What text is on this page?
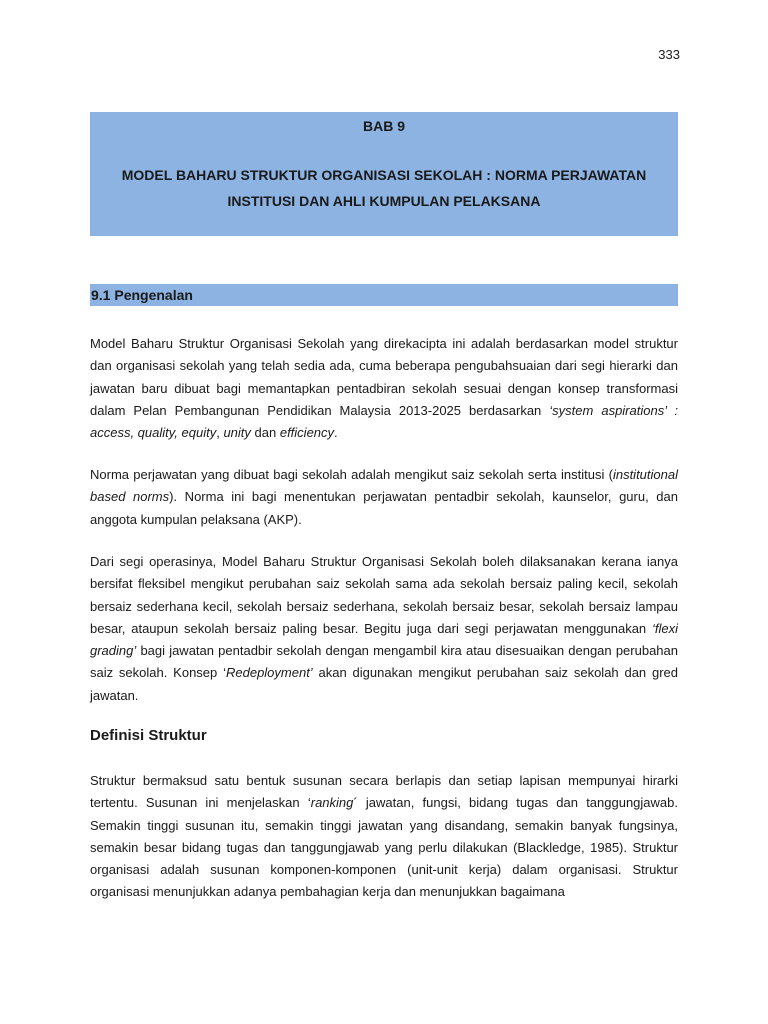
333
BAB 9
MODEL BAHARU STRUKTUR ORGANISASI SEKOLAH : NORMA PERJAWATAN INSTITUSI DAN AHLI KUMPULAN PELAKSANA
9.1 Pengenalan
Model Baharu Struktur Organisasi Sekolah yang direkacipta ini adalah berdasarkan model struktur dan organisasi sekolah yang telah sedia ada, cuma beberapa pengubahsuaian dari segi hierarki dan jawatan baru dibuat bagi memantapkan pentadbiran sekolah sesuai dengan konsep transformasi dalam Pelan Pembangunan Pendidikan Malaysia 2013-2025 berdasarkan ‘system aspirations’ : access, quality, equity, unity dan efficiency.
Norma perjawatan yang dibuat bagi sekolah adalah mengikut saiz sekolah serta institusi (institutional based norms). Norma ini bagi menentukan perjawatan pentadbir sekolah, kaunselor, guru, dan anggota kumpulan pelaksana (AKP).
Dari segi operasinya, Model Baharu Struktur Organisasi Sekolah boleh dilaksanakan kerana ianya bersifat fleksibel mengikut perubahan saiz sekolah sama ada sekolah bersaiz paling kecil, sekolah bersaiz sederhana kecil, sekolah bersaiz sederhana, sekolah bersaiz besar, sekolah bersaiz lampau besar, ataupun sekolah bersaiz paling besar. Begitu juga dari segi perjawatan menggunakan ‘flexi grading’ bagi jawatan pentadbir sekolah dengan mengambil kira atau disesuaikan dengan perubahan saiz sekolah. Konsep ‘Redeployment’ akan digunakan mengikut perubahan saiz sekolah dan gred jawatan.
Definisi Struktur
Struktur bermaksud satu bentuk susunan secara berlapis dan setiap lapisan mempunyai hirarki tertentu. Susunan ini menjelaskan ‘ranking´ jawatan, fungsi, bidang tugas dan tanggungjawab. Semakin tinggi susunan itu, semakin tinggi jawatan yang disandang, semakin banyak fungsinya, semakin besar bidang tugas dan tanggungjawab yang perlu dilakukan (Blackledge, 1985). Struktur organisasi adalah susunan komponen-komponen (unit-unit kerja) dalam organisasi. Struktur organisasi menunjukkan adanya pembahagian kerja dan menunjukkan bagaimana
